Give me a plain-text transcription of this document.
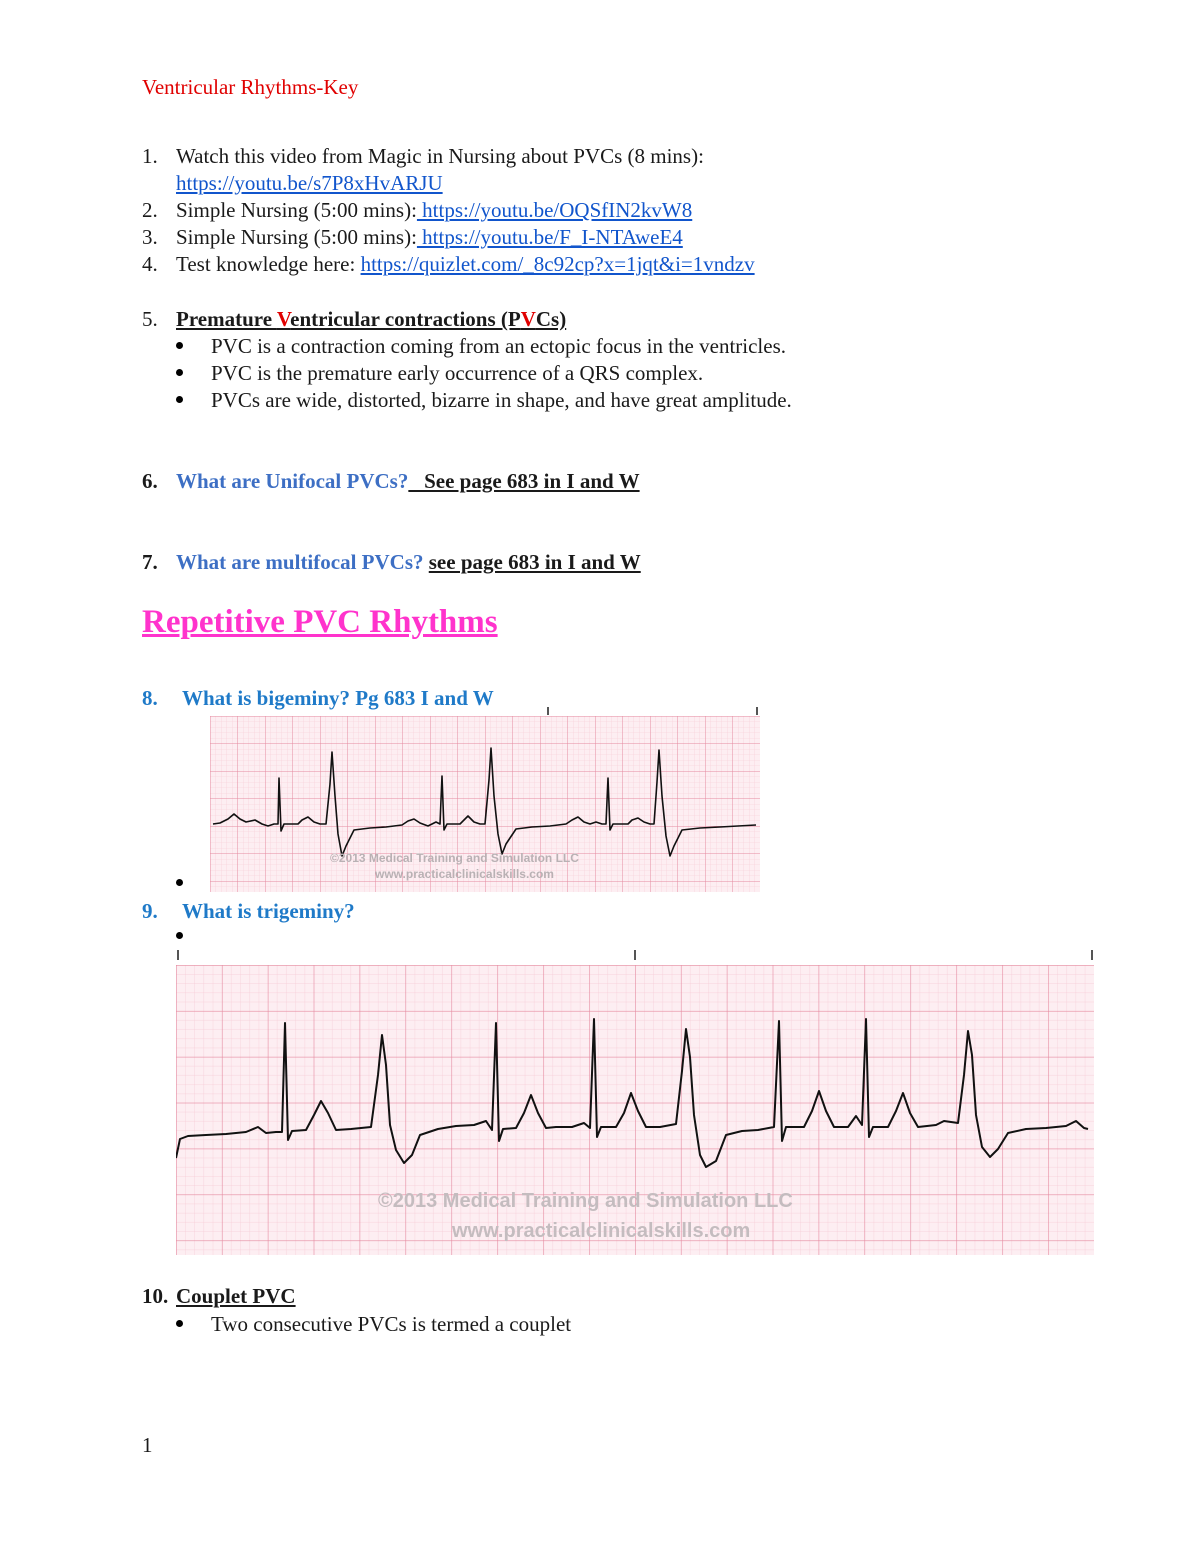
Ventricular Rhythms-Key
1. Watch this video from Magic in Nursing about PVCs (8 mins):
https://youtu.be/s7P8xHvARJU
2. Simple Nursing (5:00 mins): https://youtu.be/OQSfIN2kvW8
3. Simple Nursing (5:00 mins): https://youtu.be/F_I-NTAweE4
4. Test knowledge here: https://quizlet.com/_8c92cp?x=1jqt&i=1vndzv
5. Premature Ventricular contractions (PVCs)
PVC is a contraction coming from an ectopic focus in the ventricles.
PVC is the premature early occurrence of a QRS complex.
PVCs are wide, distorted, bizarre in shape, and have great amplitude.
6. What are Unifocal PVCs?   See page 683 in I and W
7. What are multifocal PVCs? see page 683 in I and W
Repetitive PVC Rhythms
8. What is bigeminy? Pg 683 I and W
©2013 Medical Training and Simulation LLC
www.practicalclinicalskills.com
9. What is trigeminy?
©2013 Medical Training and Simulation LLC
www.practicalclinicalskills.com
10. Couplet PVC
Two consecutive PVCs is termed a couplet
1
